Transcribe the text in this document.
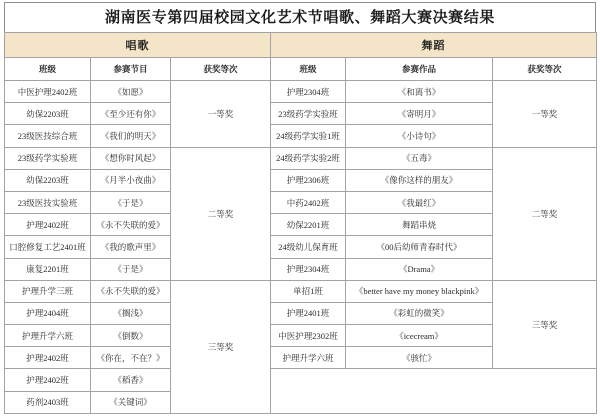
湖南医专第四届校园文化艺术节唱歌、舞蹈大赛决赛结果
唱歌			舞蹈		
班级	参赛节目	获奖等次	班级	参赛作品	获奖等次
中医护理2402班	《如愿》	一等奖	护理2304班	《和离书》	一等奖
幼保2203班	《至少还有你》		23级药学实验班	《寄明月》	
23级医技综合班	《我们的明天》		24级药学实验1班	《小诗句》	
23级药学实验班	《想你时风起》	二等奖	24级药学实验2班	《五毒》	二等奖
幼保2203班	《月半小夜曲》		护理2306班	《像你这样的朋友》	
23级医技实验班	《于是》		中药2402班	《我最红》	
护理2402班	《永不失联的爱》		幼保2201班	舞蹈串烧	
口腔修复工艺2401班	《我的歌声里》		24级幼儿保育班	《00后幼师青春时代》	
康复2201班	《于是》		护理2304班	《Drama》	
护理升学三班	《永不失联的爱》	三等奖	单招1班	《better have my money blackpink》	三等奖
护理2404班	《搁浅》		护理2401班	《彩虹的微笑》	
护理升学六班	《倒数》		中医护理2302班	《icecream》	
护理2402班	《你在，不在？》		护理升学六班	《骇忙》	
护理2402班	《稻香》				
药剂2403班	《关键词》				
